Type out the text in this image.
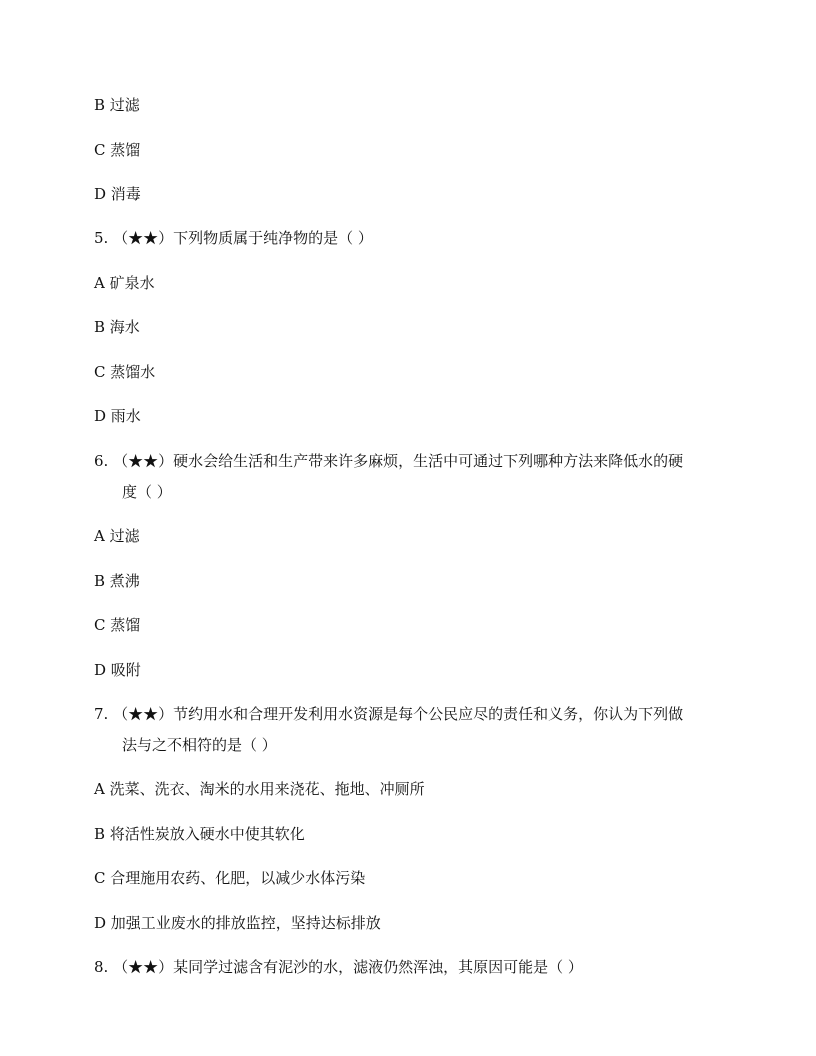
B 过滤
C 蒸馏
D 消毒
5. （★★）下列物质属于纯净物的是（ ）
A 矿泉水
B 海水
C 蒸馏水
D 雨水
6. （★★）硬水会给生活和生产带来许多麻烦，生活中可通过下列哪种方法来降低水的硬
度（ ）
A 过滤
B 煮沸
C 蒸馏
D 吸附
7. （★★）节约用水和合理开发利用水资源是每个公民应尽的责任和义务，你认为下列做
法与之不相符的是（ ）
A 洗菜、洗衣、淘米的水用来浇花、拖地、冲厕所
B 将活性炭放入硬水中使其软化
C 合理施用农药、化肥，以减少水体污染
D 加强工业废水的排放监控，坚持达标排放
8. （★★）某同学过滤含有泥沙的水，滤液仍然浑浊，其原因可能是（ ）
